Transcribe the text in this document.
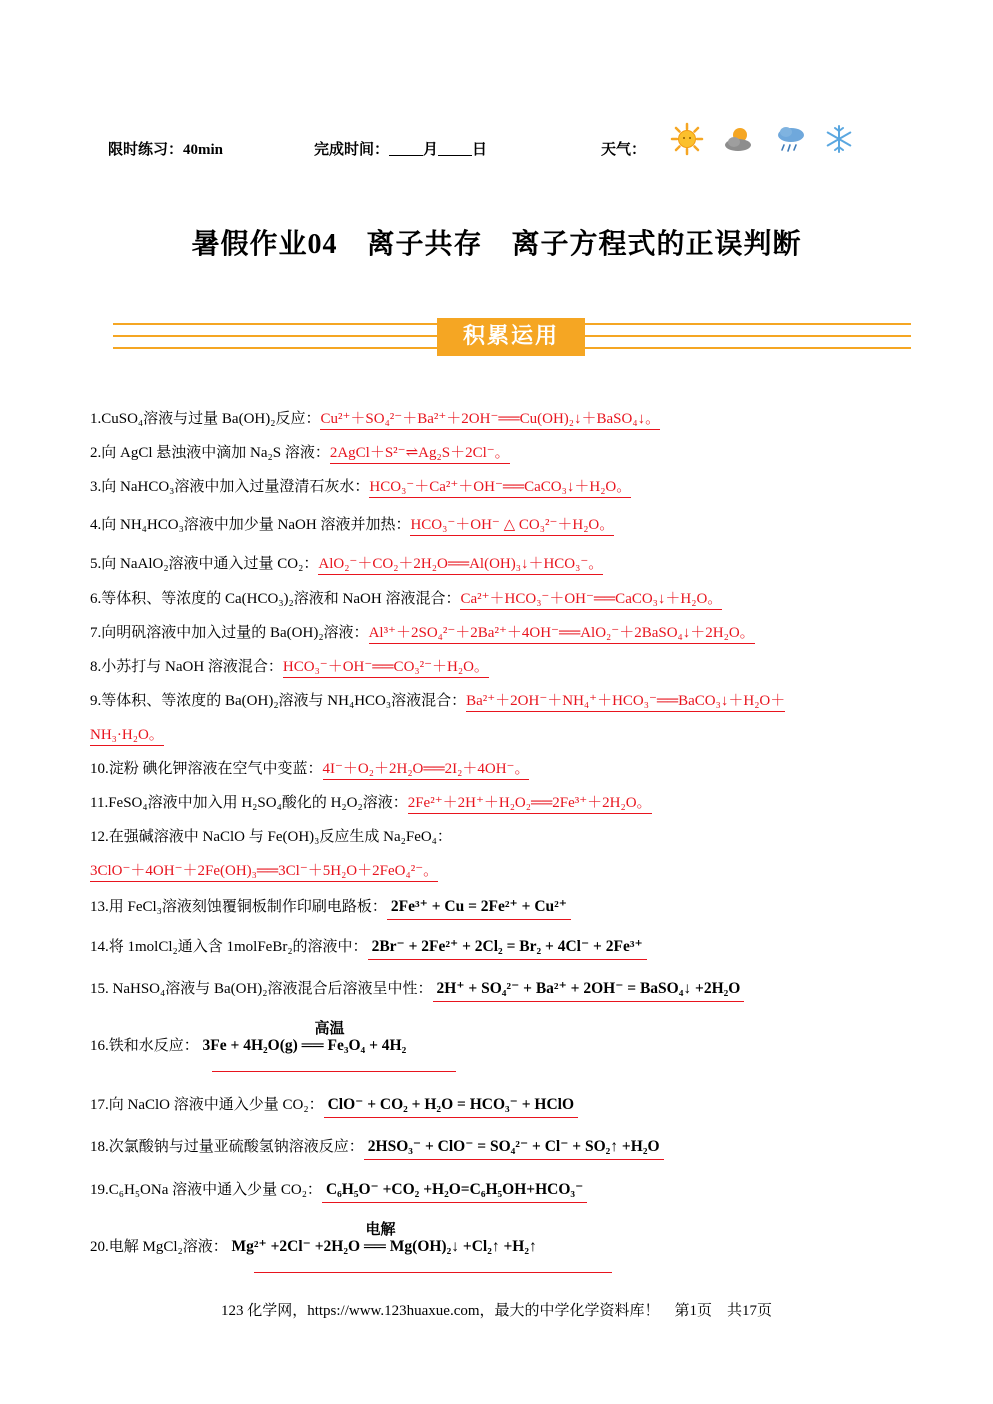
限时练习：40min	完成时间： 月 日	天气：
暑假作业04　离子共存　离子方程式的正误判断
积累运用
1.CuSO₄溶液与过量 Ba(OH)₂反应：Cu²⁺＋SO₄²⁻＋Ba²⁺＋2OH⁻══Cu(OH)₂↓＋BaSO₄↓。
2.向 AgCl 悬浊液中滴加 Na₂S 溶液：2AgCl＋S²⁻⇌Ag₂S＋2Cl⁻。
3.向 NaHCO₃溶液中加入过量澄清石灰水：HCO₃⁻＋Ca²⁺＋OH⁻══CaCO₃↓＋H₂O。
4.向 NH₄HCO₃溶液中加少量 NaOH 溶液并加热：HCO₃⁻＋OH⁻ △ CO₃²⁻＋H₂O。
5.向 NaAlO₂溶液中通入过量 CO₂：AlO₂⁻＋CO₂＋2H₂O══Al(OH)₃↓＋HCO₃⁻。
6.等体积、等浓度的 Ca(HCO₃)₂溶液和 NaOH 溶液混合：Ca²⁺＋HCO₃⁻＋OH⁻══CaCO₃↓＋H₂O。
7.向明矾溶液中加入过量的 Ba(OH)₂溶液：Al³⁺＋2SO₄²⁻＋2Ba²⁺＋4OH⁻══AlO₂⁻＋2BaSO₄↓＋2H₂O。
8.小苏打与 NaOH 溶液混合：HCO₃⁻＋OH⁻══CO₃²⁻＋H₂O。
9.等体积、等浓度的 Ba(OH)₂溶液与 NH₄HCO₃溶液混合：Ba²⁺＋2OH⁻＋NH₄⁺＋HCO₃⁻══BaCO₃↓＋H₂O＋
NH₃·H₂O。
10.淀粉 碘化钾溶液在空气中变蓝：4I⁻＋O₂＋2H₂O══2I₂＋4OH⁻。
11.FeSO₄溶液中加入用 H₂SO₄酸化的 H₂O₂溶液：2Fe²⁺＋2H⁺＋H₂O₂══2Fe³⁺＋2H₂O。
12.在强碱溶液中 NaClO 与 Fe(OH)₃反应生成 Na₂FeO₄：
3ClO⁻＋4OH⁻＋2Fe(OH)₃══3Cl⁻＋5H₂O＋2FeO₄²⁻。
13.用 FeCl₃溶液刻蚀覆铜板制作印刷电路板： 2Fe³⁺ + Cu = 2Fe²⁺ + Cu²⁺
14.将 1molCl₂通入含 1molFeBr₂的溶液中： 2Br⁻ + 2Fe²⁺ + 2Cl₂ = Br₂ + 4Cl⁻ + 2Fe³⁺
15. NaHSO₄溶液与 Ba(OH)₂溶液混合后溶液呈中性： 2H⁺ + SO₄²⁻ + Ba²⁺ + 2OH⁻ = BaSO₄↓ +2H₂O
16.铁和水反应：
高温
3Fe + 4H₂O(g) ══ Fe₃O₄ + 4H₂
17.向 NaClO 溶液中通入少量 CO₂： ClO⁻ + CO₂ + H₂O = HCO₃⁻ + HClO
18.次氯酸钠与过量亚硫酸氢钠溶液反应： 2HSO₃⁻ + ClO⁻ = SO₄²⁻ + Cl⁻ + SO₂↑ +H₂O
19.C₆H₅ONa 溶液中通入少量 CO₂： C₆H₅O⁻ +CO₂ +H₂O=C₆H₅OH+HCO₃⁻
20.电解 MgCl₂溶液：
电解
Mg²⁺ +2Cl⁻ +2H₂O ══ Mg(OH)₂↓ +Cl₂↑ +H₂↑
123 化学网，https://www.123huaxue.com，最大的中学化学资料库！　第1页　共17页
